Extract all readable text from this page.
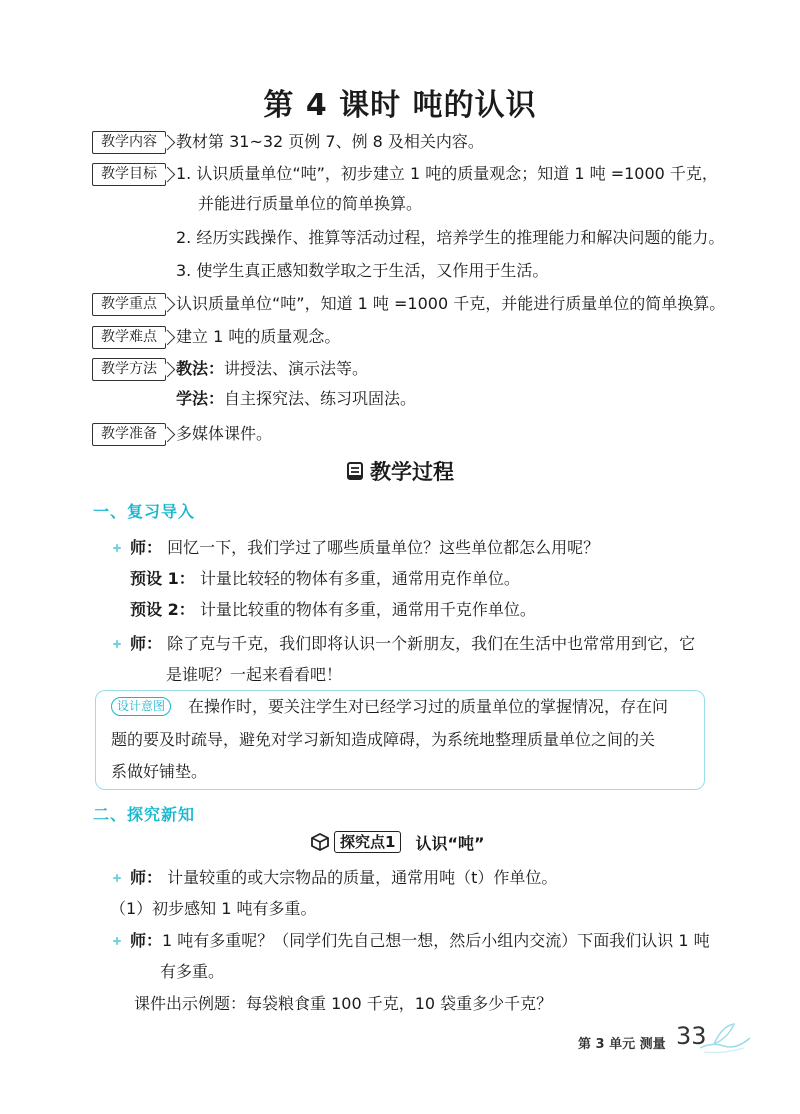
第 4 课时 吨的认识
教学内容	教材第 31~32 页例 7、例 8 及相关内容。
教学目标	1. 认识质量单位“吨”，初步建立 1 吨的质量观念；知道 1 吨 =1000 千克，
并能进行质量单位的简单换算。
2. 经历实践操作、推算等活动过程，培养学生的推理能力和解决问题的能力。
3. 使学生真正感知数学取之于生活，又作用于生活。
教学重点	认识质量单位“吨”，知道 1 吨 =1000 千克，并能进行质量单位的简单换算。
教学难点	建立 1 吨的质量观念。
教学方法	教法：讲授法、演示法等。
学法：自主探究法、练习巩固法。
教学准备	多媒体课件。
教学过程
一、复习导入
师： 回忆一下，我们学过了哪些质量单位？这些单位都怎么用呢？
预设 1： 计量比较轻的物体有多重，通常用克作单位。
预设 2： 计量比较重的物体有多重，通常用千克作单位。
师： 除了克与千克，我们即将认识一个新朋友，我们在生活中也常常用到它，它
是谁呢？一起来看看吧！
设计意图	在操作时，要关注学生对已经学习过的质量单位的掌握情况，存在问
题的要及时疏导，避免对学习新知造成障碍，为系统地整理质量单位之间的关
系做好铺垫。
二、探究新知
探究点1	认识“吨”
师： 计量较重的或大宗物品的质量，通常用吨（t）作单位。
（1）初步感知 1 吨有多重。
师：1 吨有多重呢？（同学们先自己想一想，然后小组内交流）下面我们认识 1 吨
有多重。
课件出示例题：每袋粮食重 100 千克，10 袋重多少千克？
第 3 单元 测量 33
